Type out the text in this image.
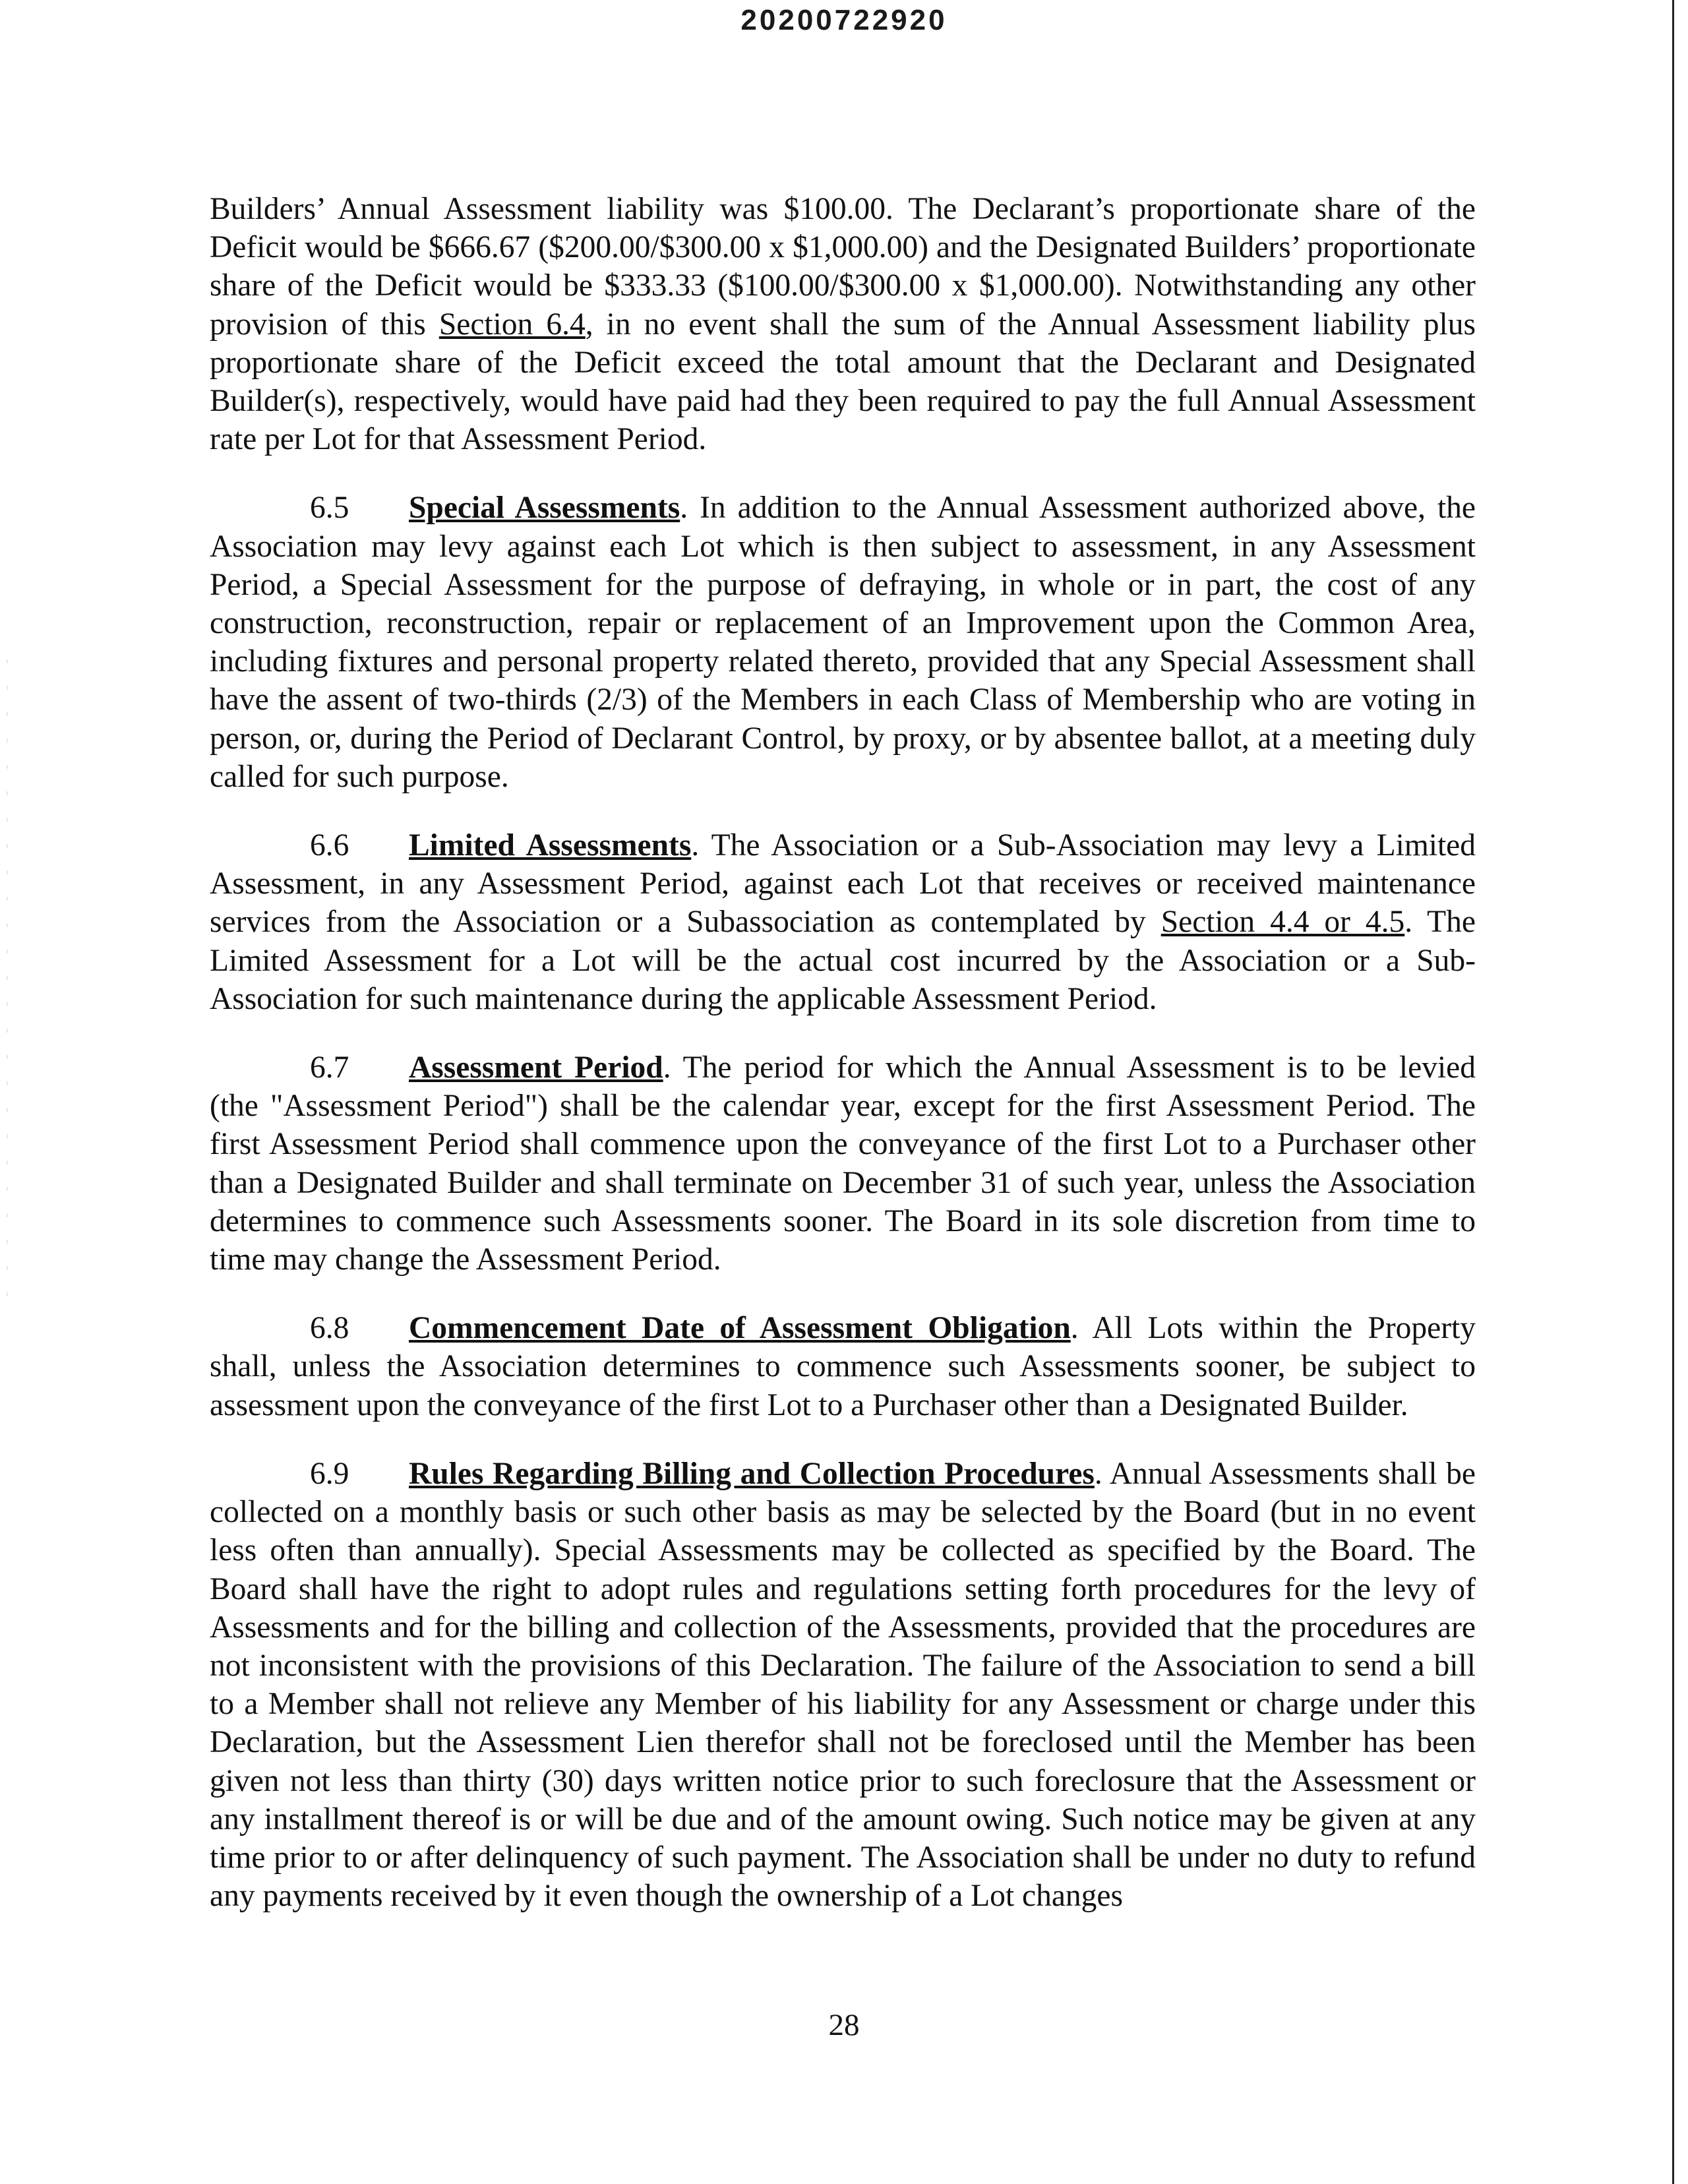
20200722920

Builders’ Annual Assessment liability was $100.00. The Declarant’s proportionate share of the Deficit would be $666.67 ($200.00/$300.00 x $1,000.00) and the Designated Builders’ proportionate share of the Deficit would be $333.33 ($100.00/$300.00 x $1,000.00). Notwithstanding any other provision of this Section 6.4, in no event shall the sum of the Annual Assessment liability plus proportionate share of the Deficit exceed the total amount that the Declarant and Designated Builder(s), respectively, would have paid had they been required to pay the full Annual Assessment rate per Lot for that Assessment Period.

6.5 Special Assessments. In addition to the Annual Assessment authorized above, the Association may levy against each Lot which is then subject to assessment, in any Assessment Period, a Special Assessment for the purpose of defraying, in whole or in part, the cost of any construction, reconstruction, repair or replacement of an Improvement upon the Common Area, including fixtures and personal property related thereto, provided that any Special Assessment shall have the assent of two-thirds (2/3) of the Members in each Class of Membership who are voting in person, or, during the Period of Declarant Control, by proxy, or by absentee ballot, at a meeting duly called for such purpose.

6.6 Limited Assessments. The Association or a Sub-Association may levy a Limited Assessment, in any Assessment Period, against each Lot that receives or received maintenance services from the Association or a Subassociation as contemplated by Section 4.4 or 4.5. The Limited Assessment for a Lot will be the actual cost incurred by the Association or a Sub-Association for such maintenance during the applicable Assessment Period.

6.7 Assessment Period. The period for which the Annual Assessment is to be levied (the "Assessment Period") shall be the calendar year, except for the first Assessment Period. The first Assessment Period shall commence upon the conveyance of the first Lot to a Purchaser other than a Designated Builder and shall terminate on December 31 of such year, unless the Association determines to commence such Assessments sooner. The Board in its sole discretion from time to time may change the Assessment Period.

6.8 Commencement Date of Assessment Obligation. All Lots within the Property shall, unless the Association determines to commence such Assessments sooner, be subject to assessment upon the conveyance of the first Lot to a Purchaser other than a Designated Builder.

6.9 Rules Regarding Billing and Collection Procedures. Annual Assessments shall be collected on a monthly basis or such other basis as may be selected by the Board (but in no event less often than annually). Special Assessments may be collected as specified by the Board. The Board shall have the right to adopt rules and regulations setting forth procedures for the levy of Assessments and for the billing and collection of the Assessments, provided that the procedures are not inconsistent with the provisions of this Declaration. The failure of the Association to send a bill to a Member shall not relieve any Member of his liability for any Assessment or charge under this Declaration, but the Assessment Lien therefor shall not be foreclosed until the Member has been given not less than thirty (30) days written notice prior to such foreclosure that the Assessment or any installment thereof is or will be due and of the amount owing. Such notice may be given at any time prior to or after delinquency of such payment. The Association shall be under no duty to refund any payments received by it even though the ownership of a Lot changes

28
